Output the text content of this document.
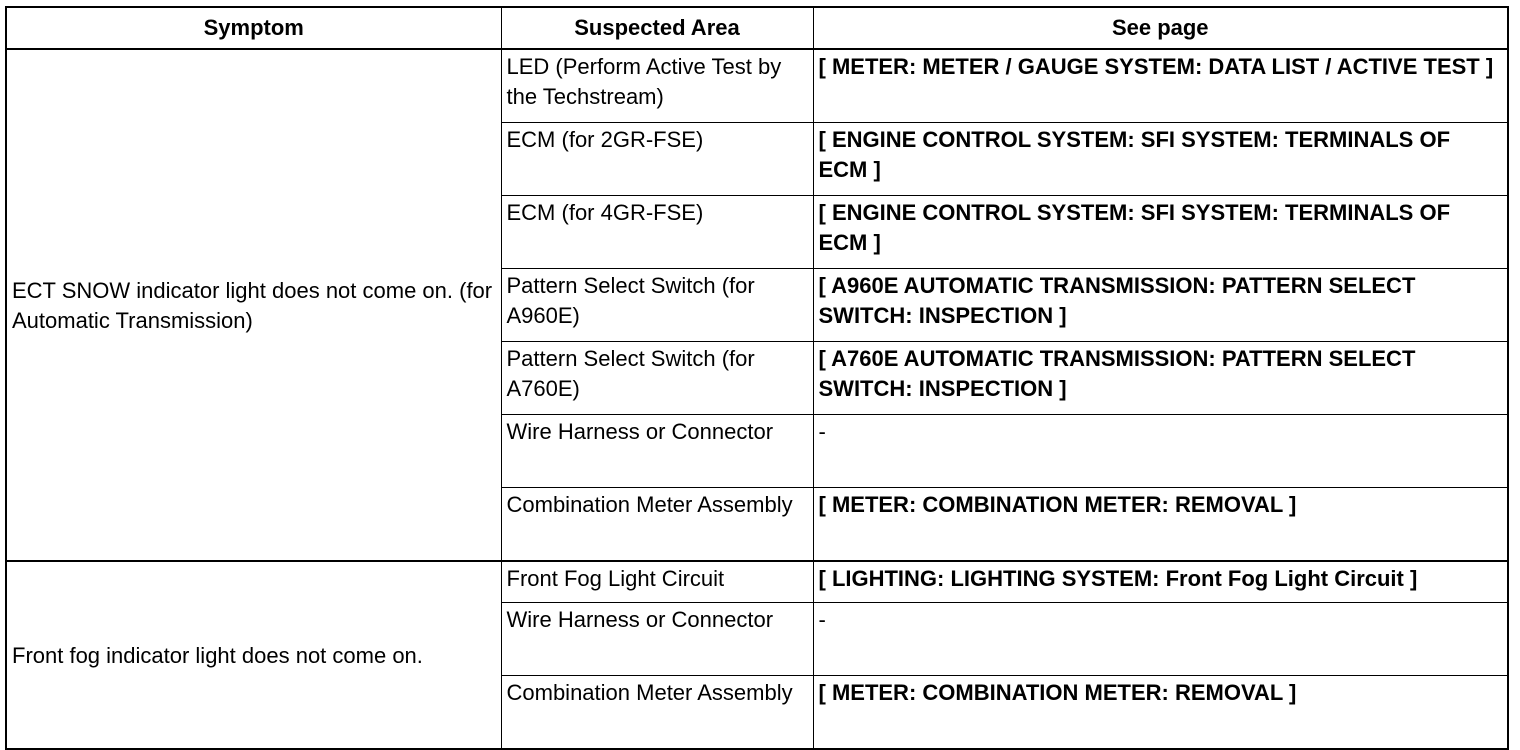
Symptom	Suspected Area	See page
ECT SNOW indicator light does not come on. (for Automatic Transmission)	LED (Perform Active Test by the Techstream)	[ METER: METER / GAUGE SYSTEM: DATA LIST / ACTIVE TEST ]
	ECM (for 2GR-FSE)	[ ENGINE CONTROL SYSTEM: SFI SYSTEM: TERMINALS OF ECM ]
	ECM (for 4GR-FSE)	[ ENGINE CONTROL SYSTEM: SFI SYSTEM: TERMINALS OF ECM ]
	Pattern Select Switch (for A960E)	[ A960E AUTOMATIC TRANSMISSION: PATTERN SELECT SWITCH: INSPECTION ]
	Pattern Select Switch (for A760E)	[ A760E AUTOMATIC TRANSMISSION: PATTERN SELECT SWITCH: INSPECTION ]
	Wire Harness or Connector	-
	Combination Meter Assembly	[ METER: COMBINATION METER: REMOVAL ]
Front fog indicator light does not come on.	Front Fog Light Circuit	[ LIGHTING: LIGHTING SYSTEM: Front Fog Light Circuit ]
	Wire Harness or Connector	-
	Combination Meter Assembly	[ METER: COMBINATION METER: REMOVAL ]
